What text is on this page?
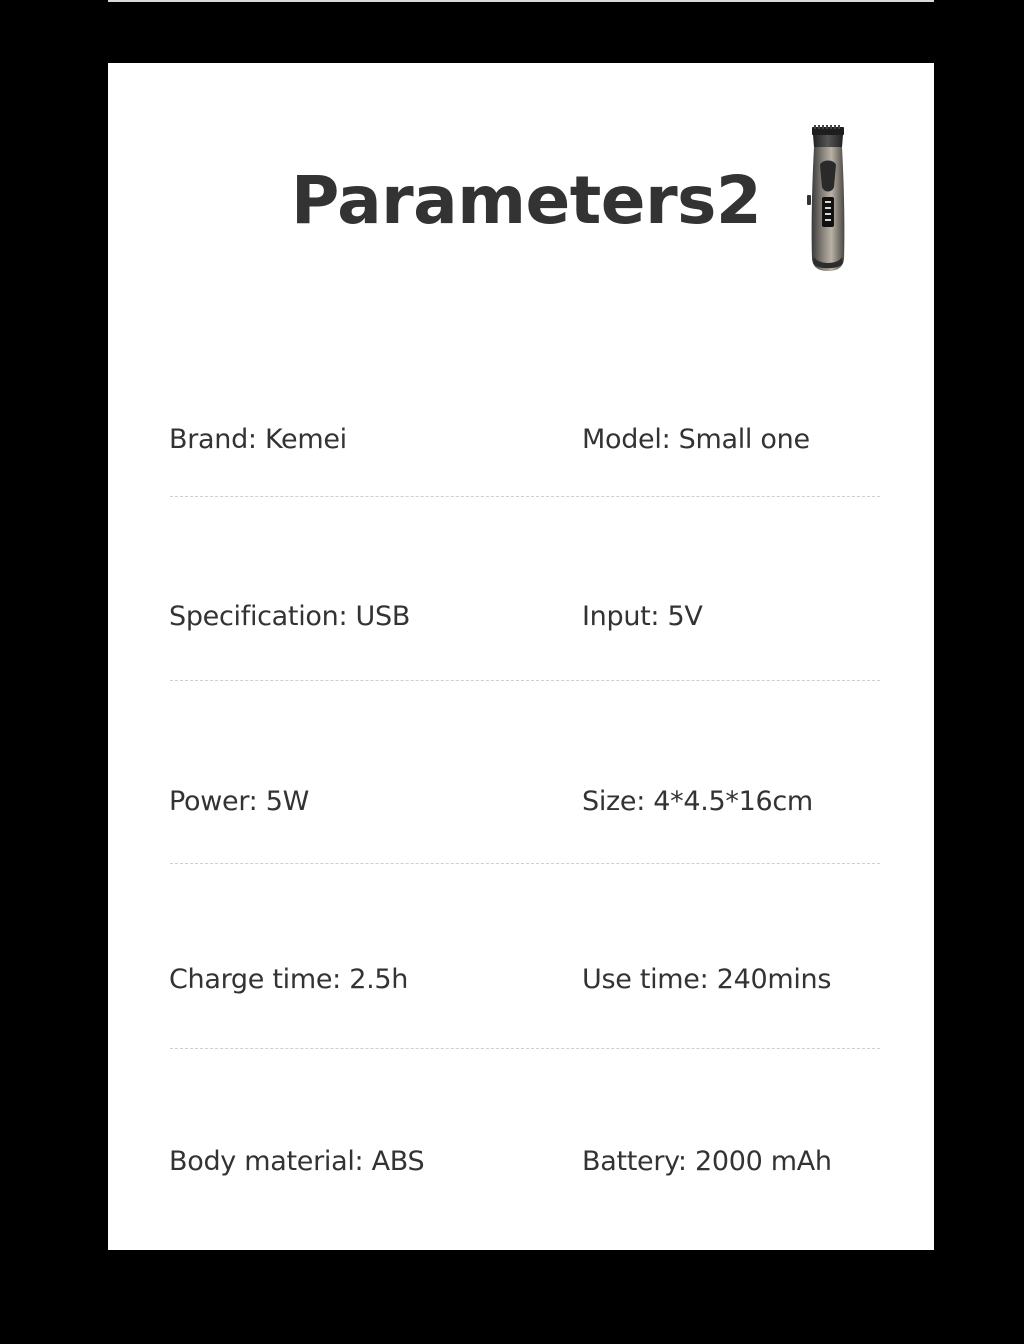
Parameters2
Brand: Kemei	Model: Small one
Specification: USB	Input: 5V
Power: 5W	Size: 4*4.5*16cm
Charge time: 2.5h	Use time: 240mins
Body material: ABS	Battery: 2000 mAh
